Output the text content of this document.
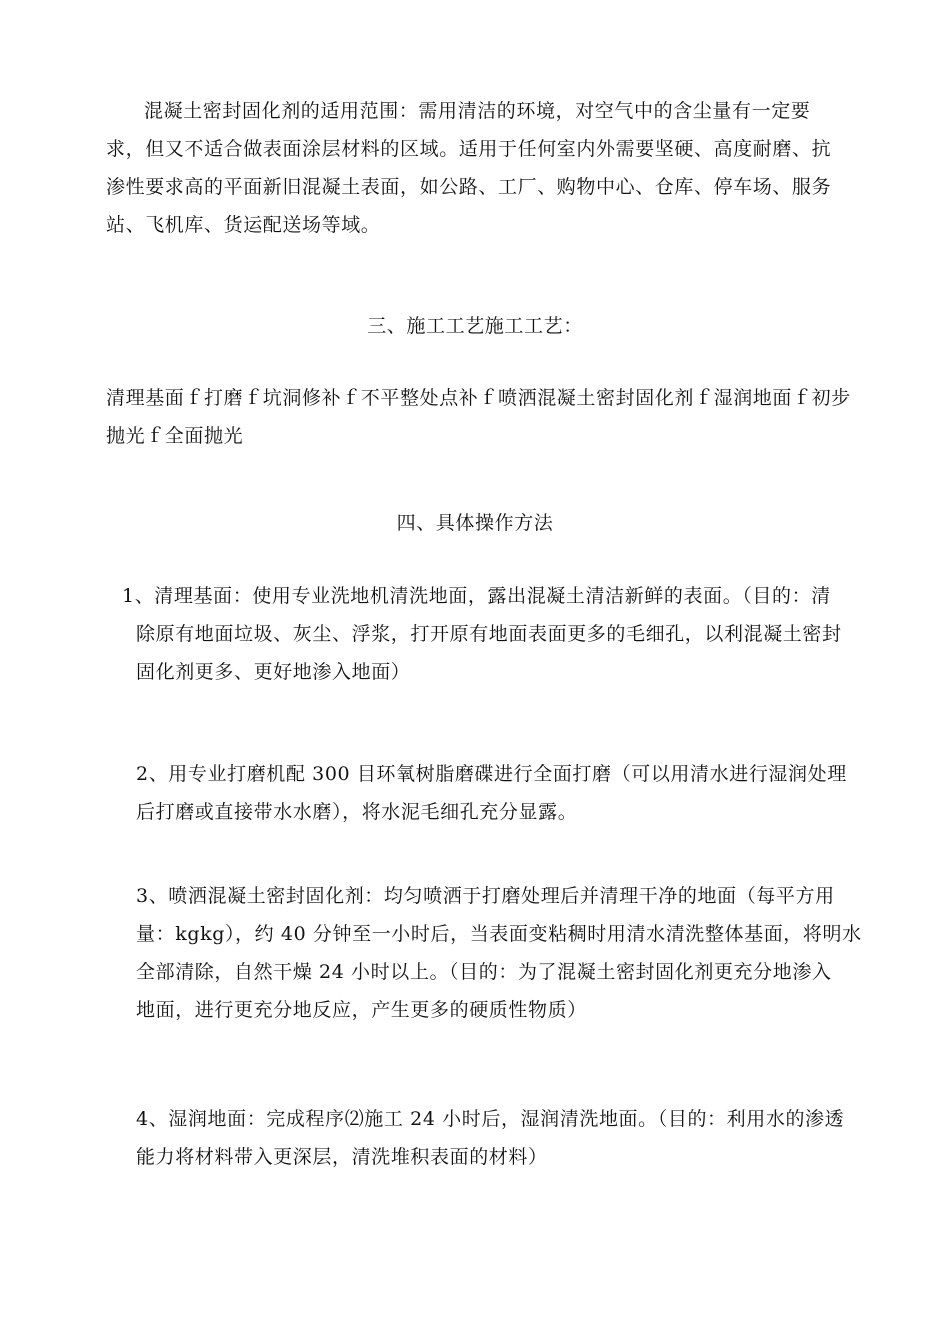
混凝土密封固化剂的适用范围：需用清洁的环境，对空气中的含尘量有一定要
求，但又不适合做表面涂层材料的区域。适用于任何室内外需要坚硬、高度耐磨、抗
渗性要求高的平面新旧混凝土表面，如公路、工厂、购物中心、仓库、停车场、服务
站、飞机库、货运配送场等域。
三、施工工艺施工工艺：
清理基面ｆ打磨ｆ坑洞修补ｆ不平整处点补ｆ喷洒混凝土密封固化剂ｆ湿润地面ｆ初步
抛光ｆ全面抛光
四、具体操作方法
1、清理基面：使用专业洗地机清洗地面，露出混凝土清洁新鲜的表面。（目的：清
除原有地面垃圾、灰尘、浮浆，打开原有地面表面更多的毛细孔，以利混凝土密封
固化剂更多、更好地渗入地面）
2、用专业打磨机配 300 目环氧树脂磨碟进行全面打磨（可以用清水进行湿润处理
后打磨或直接带水水磨），将水泥毛细孔充分显露。
3、喷洒混凝土密封固化剂：均匀喷洒于打磨处理后并清理干净的地面（每平方用
量：kgkg），约 40 分钟至一小时后，当表面变粘稠时用清水清洗整体基面，将明水
全部清除，自然干燥 24 小时以上。（目的：为了混凝土密封固化剂更充分地渗入
地面，进行更充分地反应，产生更多的硬质性物质）
4、湿润地面：完成程序⑵施工 24 小时后，湿润清洗地面。（目的：利用水的渗透
能力将材料带入更深层，清洗堆积表面的材料）
